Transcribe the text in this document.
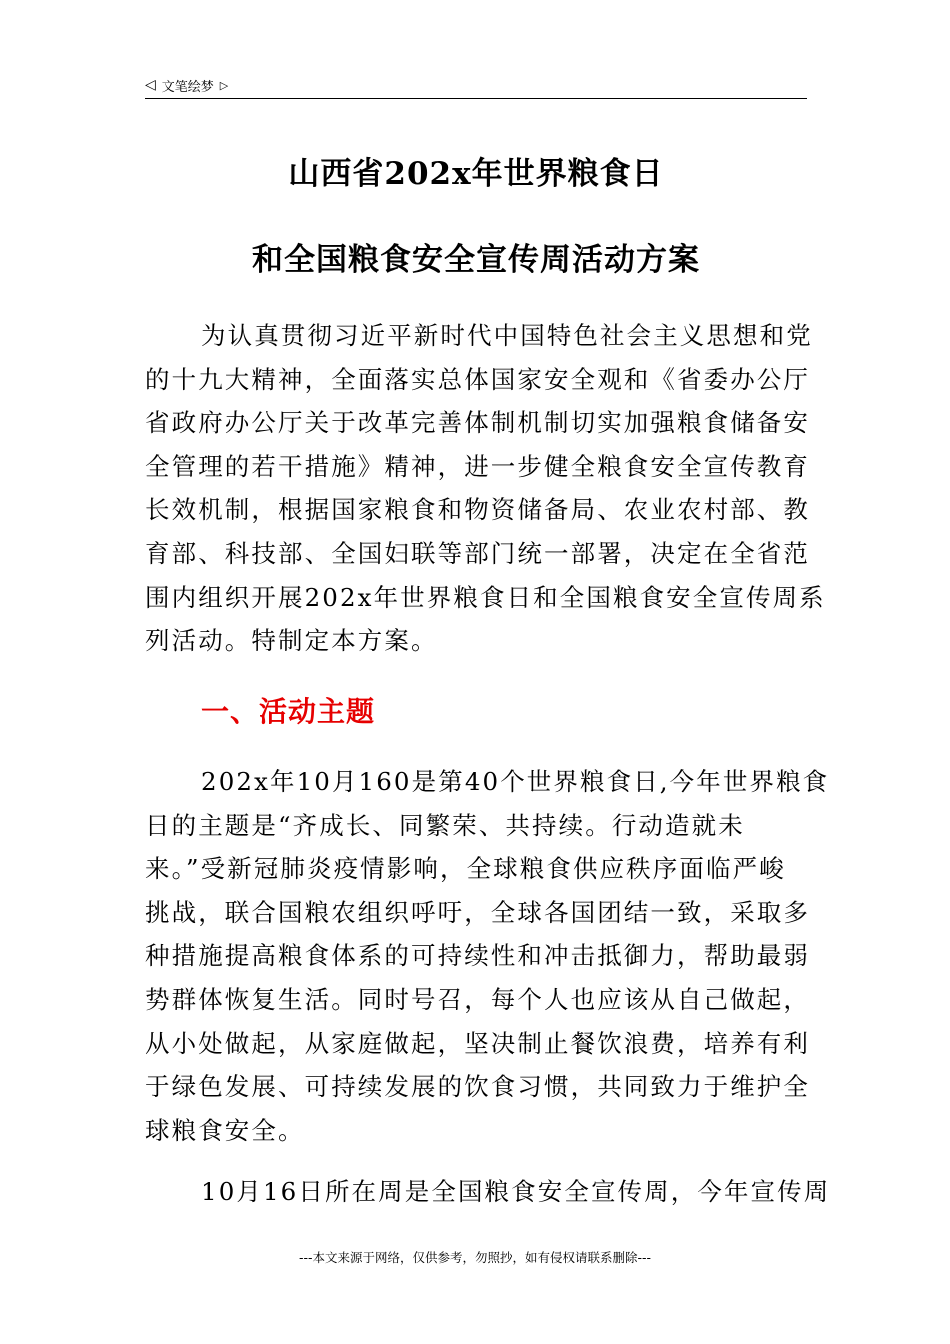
◁ 文笔绘梦 ▷
山西省202x年世界粮食日
和全国粮食安全宣传周活动方案
为认真贯彻习近平新时代中国特色社会主义思想和党
的十九大精神，全面落实总体国家安全观和《省委办公厅
省政府办公厅关于改革完善体制机制切实加强粮食储备安
全管理的若干措施》精神，进一步健全粮食安全宣传教育
长效机制，根据国家粮食和物资储备局、农业农村部、教
育部、科技部、全国妇联等部门统一部署，决定在全省范
围内组织开展202x年世界粮食日和全国粮食安全宣传周系
列活动。特制定本方案。
一、活动主题
202x年10月160是第40个世界粮食日,今年世界粮食
日的主题是“齐成长、同繁荣、共持续。行动造就未
来。”受新冠肺炎疫情影响，全球粮食供应秩序面临严峻
挑战，联合国粮农组织呼吁，全球各国团结一致，采取多
种措施提高粮食体系的可持续性和冲击抵御力，帮助最弱
势群体恢复生活。同时号召，每个人也应该从自己做起，
从小处做起，从家庭做起，坚决制止餐饮浪费，培养有利
于绿色发展、可持续发展的饮食习惯，共同致力于维护全
球粮食安全。
10月16日所在周是全国粮食安全宣传周，今年宣传周
---本文来源于网络，仅供参考，勿照抄，如有侵权请联系删除---
